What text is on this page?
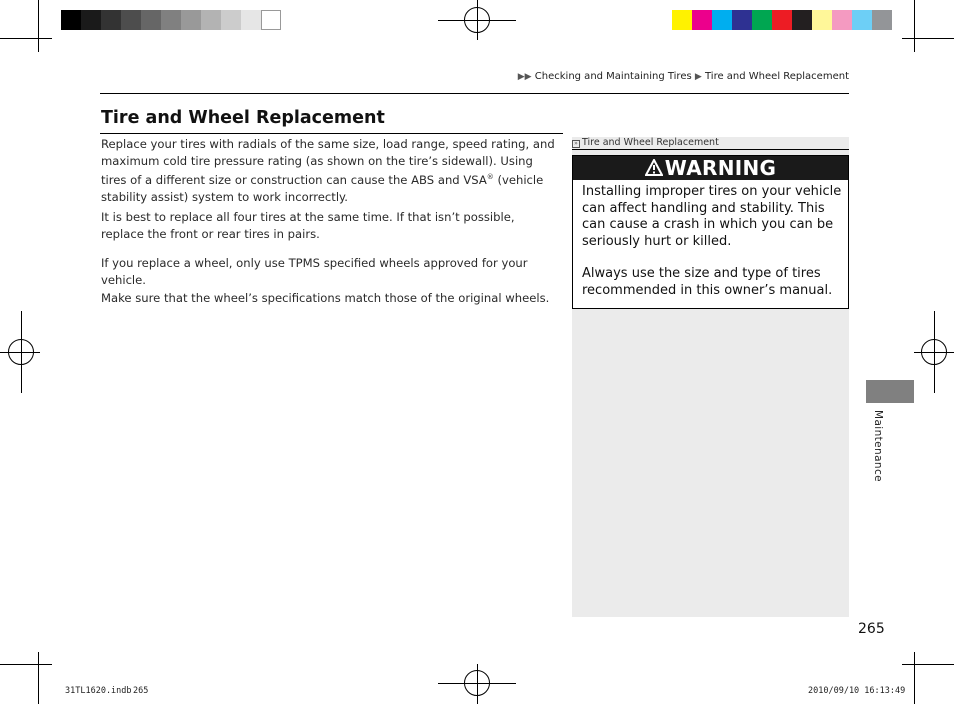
▶▶ Checking and Maintaining Tires ▶ Tire and Wheel Replacement
Tire and Wheel Replacement
Replace your tires with radials of the same size, load range, speed rating, and maximum cold tire pressure rating (as shown on the tire’s sidewall). Using tires of a different size or construction can cause the ABS and VSA® (vehicle stability assist) system to work incorrectly.
It is best to replace all four tires at the same time. If that isn’t possible, replace the front or rear tires in pairs.
If you replace a wheel, only use TPMS specified wheels approved for your vehicle.
Make sure that the wheel’s specifications match those of the original wheels.
» Tire and Wheel Replacement
WARNING
Installing improper tires on your vehicle can affect handling and stability. This can cause a crash in which you can be seriously hurt or killed.
Always use the size and type of tires recommended in this owner’s manual.
Maintenance
265
31TL1620.indb 265	2010/09/10 16:13:49
